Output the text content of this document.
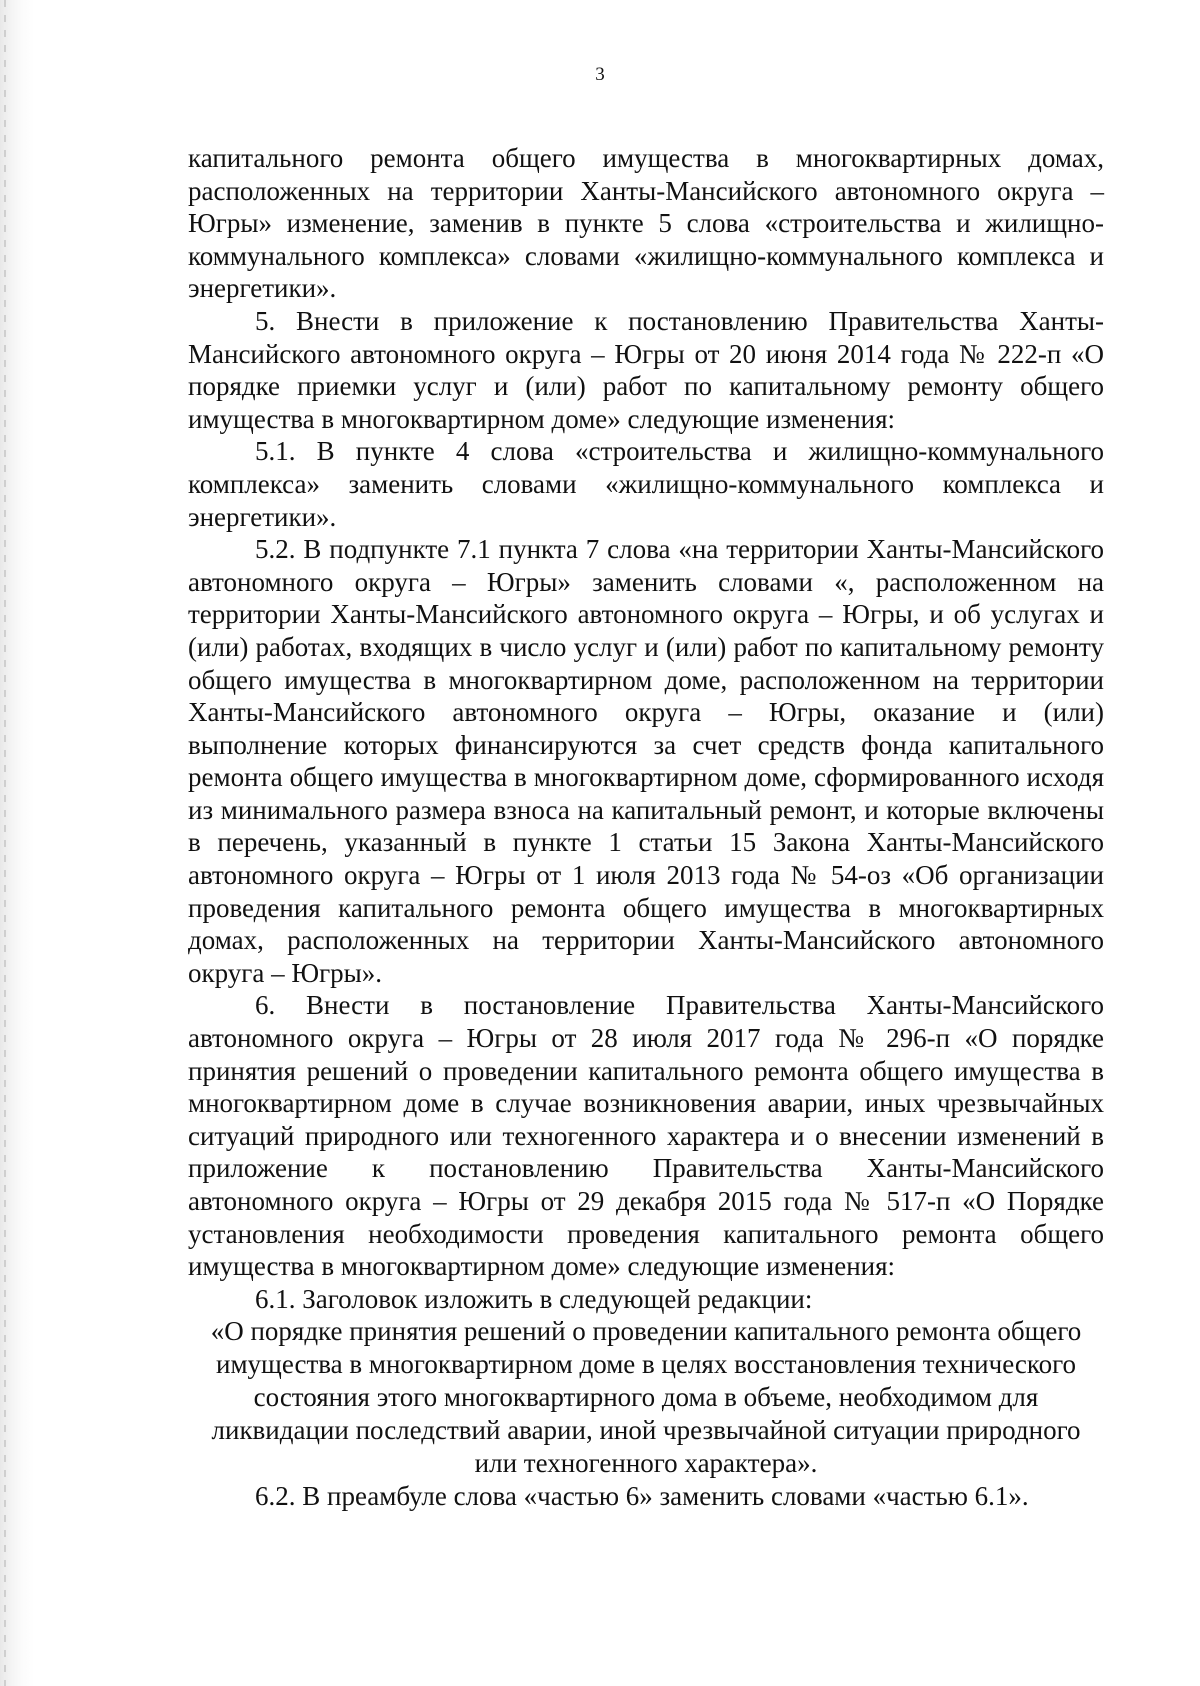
3

капитального ремонта общего имущества в многоквартирных домах, расположенных на территории Ханты-Мансийского автономного округа – Югры» изменение, заменив в пункте 5 слова «строительства и жилищно-коммунального комплекса» словами «жилищно-коммунального комплекса и энергетики».

5. Внести в приложение к постановлению Правительства Ханты-Мансийского автономного округа – Югры от 20 июня 2014 года № 222-п «О порядке приемки услуг и (или) работ по капитальному ремонту общего имущества в многоквартирном доме» следующие изменения:

5.1. В пункте 4 слова «строительства и жилищно-коммунального комплекса» заменить словами «жилищно-коммунального комплекса и энергетики».

5.2. В подпункте 7.1 пункта 7 слова «на территории Ханты-Мансийского автономного округа – Югры» заменить словами «, расположенном на территории Ханты-Мансийского автономного округа – Югры, и об услугах и (или) работах, входящих в число услуг и (или) работ по капитальному ремонту общего имущества в многоквартирном доме, расположенном на территории Ханты-Мансийского автономного округа – Югры, оказание и (или) выполнение которых финансируются за счет средств фонда капитального ремонта общего имущества в многоквартирном доме, сформированного исходя из минимального размера взноса на капитальный ремонт, и которые включены в перечень, указанный в пункте 1 статьи 15 Закона Ханты-Мансийского автономного округа – Югры от 1 июля 2013 года № 54-оз «Об организации проведения капитального ремонта общего имущества в многоквартирных домах, расположенных на территории Ханты-Мансийского автономного округа – Югры».

6. Внести в постановление Правительства Ханты-Мансийского автономного округа – Югры от 28 июля 2017 года № 296-п «О порядке принятия решений о проведении капитального ремонта общего имущества в многоквартирном доме в случае возникновения аварии, иных чрезвычайных ситуаций природного или техногенного характера и о внесении изменений в приложение к постановлению Правительства Ханты-Мансийского автономного округа – Югры от 29 декабря 2015 года № 517-п «О Порядке установления необходимости проведения капитального ремонта общего имущества в многоквартирном доме» следующие изменения:

6.1. Заголовок изложить в следующей редакции:

«О порядке принятия решений о проведении капитального ремонта общего имущества в многоквартирном доме в целях восстановления технического состояния этого многоквартирного дома в объеме, необходимом для ликвидации последствий аварии, иной чрезвычайной ситуации природного или техногенного характера».

6.2. В преамбуле слова «частью 6» заменить словами «частью 6.1».
